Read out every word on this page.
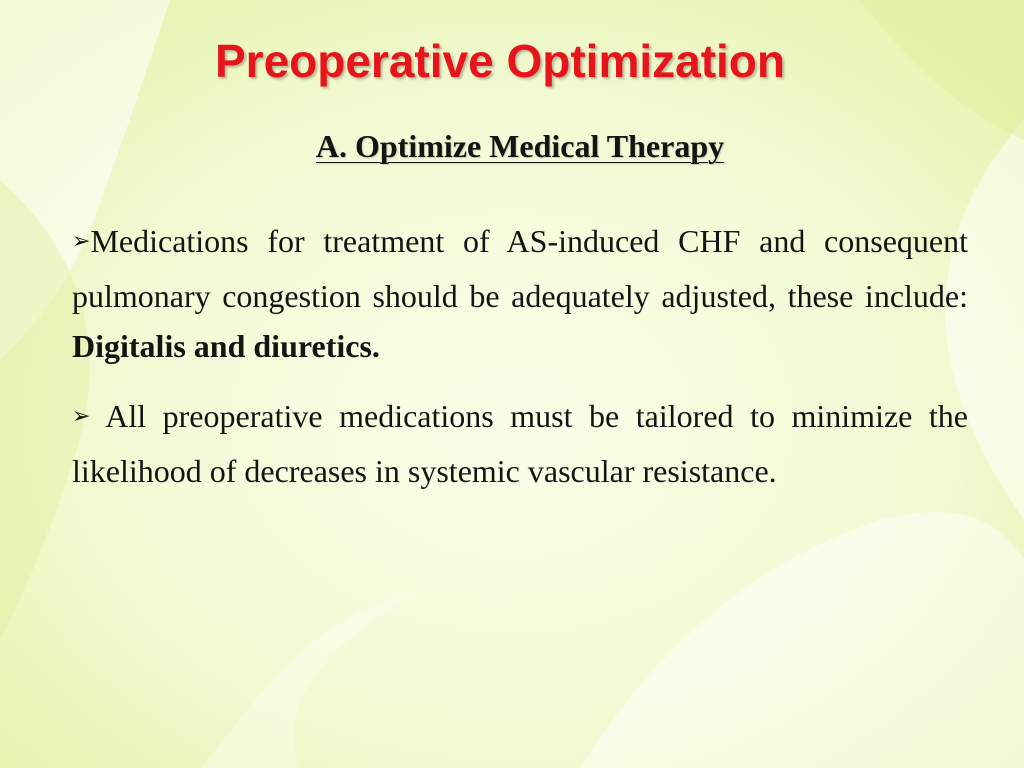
Preoperative Optimization
A. Optimize Medical Therapy

➢Medications for treatment of AS-induced CHF and consequent pulmonary congestion should be adequately adjusted, these include: Digitalis and diuretics.

➢ All preoperative medications must be tailored to minimize the likelihood of decreases in systemic vascular resistance.
